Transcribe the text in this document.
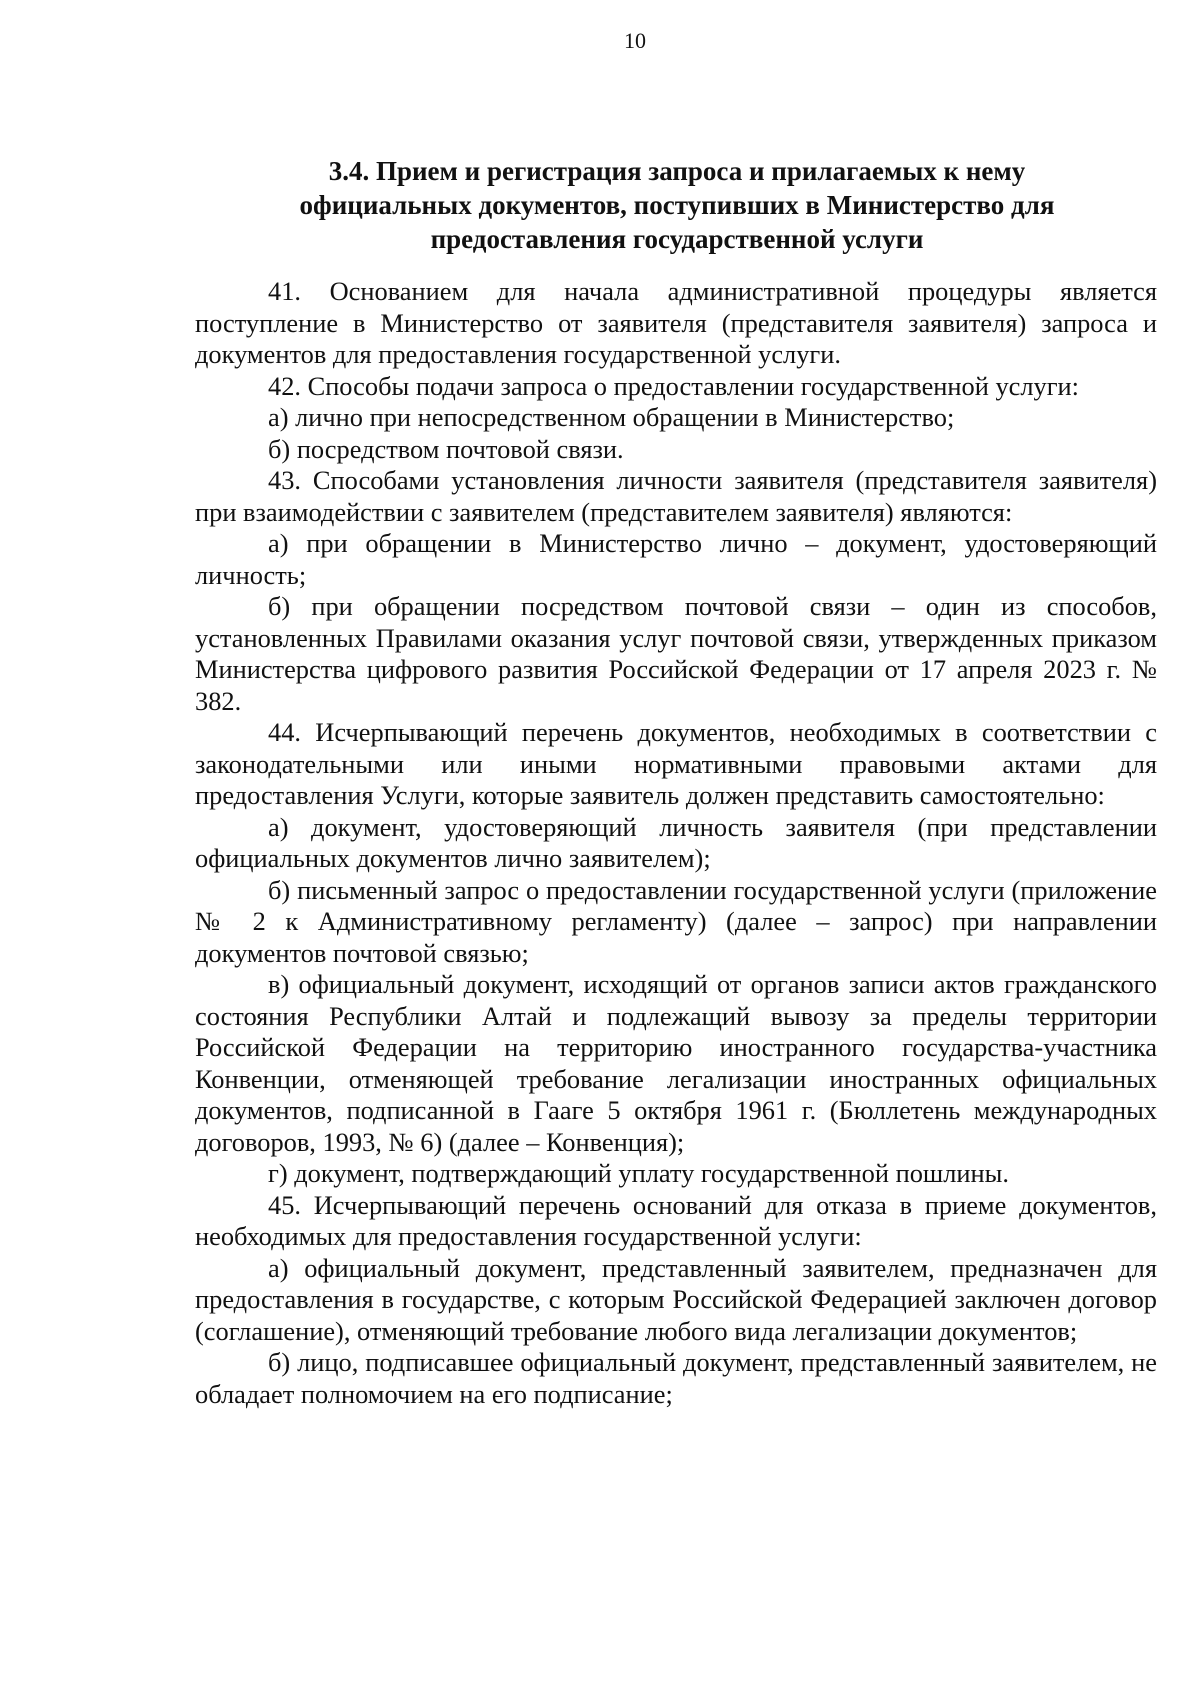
10
3.4. Прием и регистрация запроса и прилагаемых к нему
официальных документов, поступивших в Министерство для
предоставления государственной услуги

41. Основанием для начала административной процедуры является поступление в Министерство от заявителя (представителя заявителя) запроса и документов для предоставления государственной услуги.

42. Способы подачи запроса о предоставлении государственной услуги:

а) лично при непосредственном обращении в Министерство;

б) посредством почтовой связи.

43. Способами установления личности заявителя (представителя заявителя) при взаимодействии с заявителем (представителем заявителя) являются:

а) при обращении в Министерство лично – документ, удостоверяющий личность;

б) при обращении посредством почтовой связи – один из способов, установленных Правилами оказания услуг почтовой связи, утвержденных приказом Министерства цифрового развития Российской Федерации от 17 апреля 2023 г. № 382.

44. Исчерпывающий перечень документов, необходимых в соответствии с законодательными или иными нормативными правовыми актами для предоставления Услуги, которые заявитель должен представить самостоятельно:

а) документ, удостоверяющий личность заявителя (при представлении официальных документов лично заявителем);

б) письменный запрос о предоставлении государственной услуги (приложение № 2 к Административному регламенту) (далее – запрос) при направлении документов почтовой связью;

в) официальный документ, исходящий от органов записи актов гражданского состояния Республики Алтай и подлежащий вывозу за пределы территории Российской Федерации на территорию иностранного государства-участника Конвенции, отменяющей требование легализации иностранных официальных документов, подписанной в Гааге 5 октября 1961 г. (Бюллетень международных договоров, 1993, № 6) (далее – Конвенция);

г) документ, подтверждающий уплату государственной пошлины.

45. Исчерпывающий перечень оснований для отказа в приеме документов, необходимых для предоставления государственной услуги:

а) официальный документ, представленный заявителем, предназначен для предоставления в государстве, с которым Российской Федерацией заключен договор (соглашение), отменяющий требование любого вида легализации документов;

б) лицо, подписавшее официальный документ, представленный заявителем, не обладает полномочием на его подписание;
